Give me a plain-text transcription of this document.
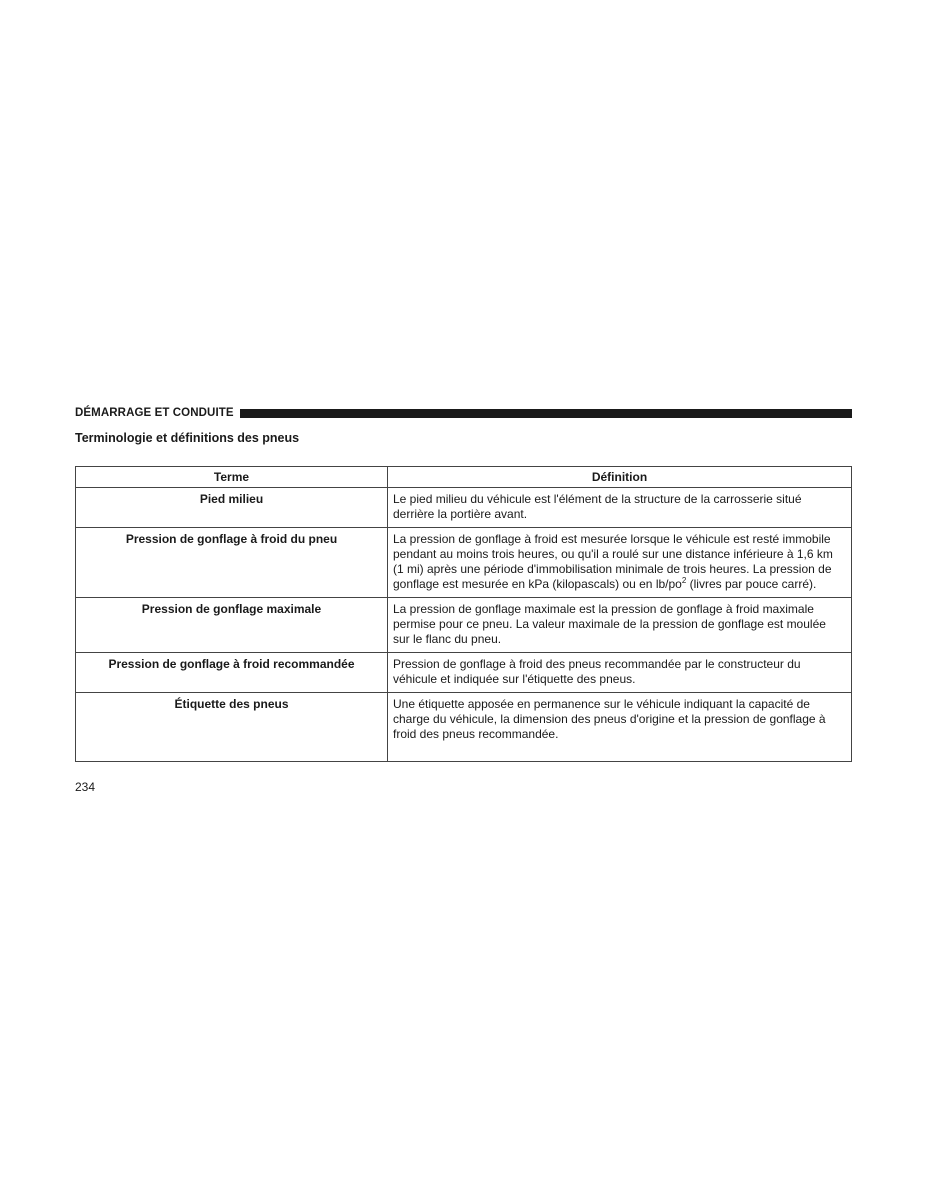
DÉMARRAGE ET CONDUITE
Terminologie et définitions des pneus
Terme	Définition
Pied milieu	Le pied milieu du véhicule est l'élément de la structure de la carrosserie situé derrière la portière avant.
Pression de gonflage à froid du pneu	La pression de gonflage à froid est mesurée lorsque le véhicule est resté immobile pendant au moins trois heures, ou qu'il a roulé sur une distance inférieure à 1,6 km (1 mi) après une période d'immobilisation minimale de trois heures. La pression de gonflage est mesurée en kPa (kilopascals) ou en $lb/po^2$ (livres par pouce carré).
Pression de gonflage maximale	La pression de gonflage maximale est la pression de gonflage à froid maximale permise pour ce pneu. La valeur maximale de la pression de gonflage est moulée sur le flanc du pneu.
Pression de gonflage à froid recommandée	Pression de gonflage à froid des pneus recommandée par le constructeur du véhicule et indiquée sur l'étiquette des pneus.
Étiquette des pneus	Une étiquette apposée en permanence sur le véhicule indiquant la capacité de charge du véhicule, la dimension des pneus d'origine et la pression de gonflage à froid des pneus recommandée.
234
